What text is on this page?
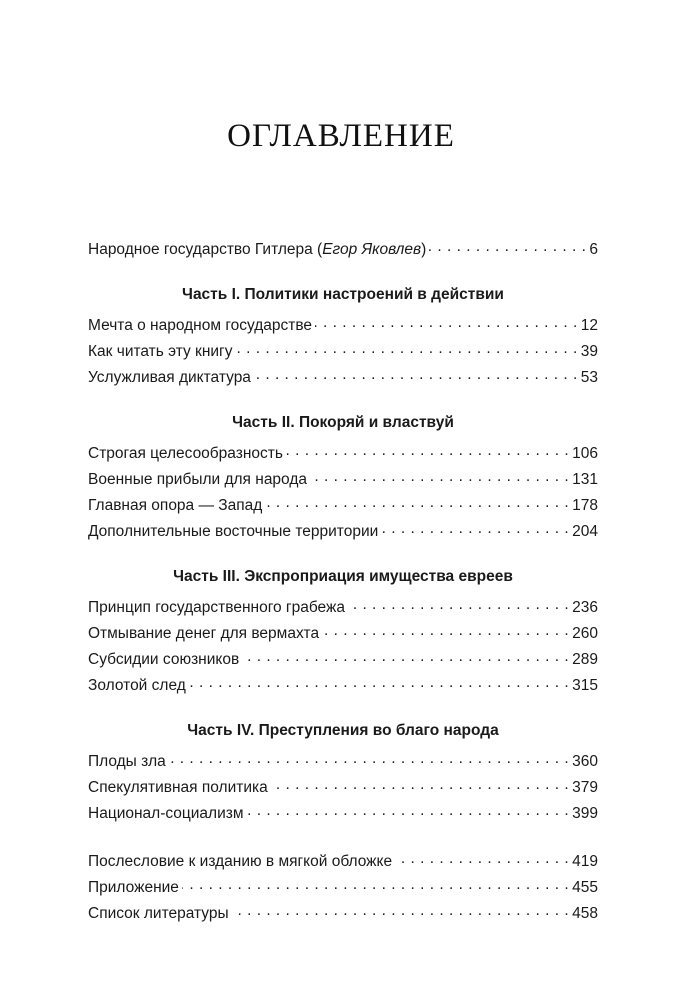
ОГЛАВЛЕНИЕ
Народное государство Гитлера (Егор Яковлев) . . .	6
Часть I. Политики настроений в действии
Мечта о народном государстве . . .	12
Как читать эту книгу . . .	39
Услужливая диктатура . . .	53
Часть II. Покоряй и властвуй
Строгая целесообразность . . .	106
Военные прибыли для народа . . .	131
Главная опора — Запад . . .	178
Дополнительные восточные территории . . .	204
Часть III. Экспроприация имущества евреев
Принцип государственного грабежа . . .	236
Отмывание денег для вермахта . . .	260
Субсидии союзников . . .	289
Золотой след . . .	315
Часть IV. Преступления во благо народа
Плоды зла . . .	360
Спекулятивная политика . . .	379
Национал-социализм . . .	399
Послесловие к изданию в мягкой обложке . . .	419
Приложение . . .	455
Список литературы . . .	458
